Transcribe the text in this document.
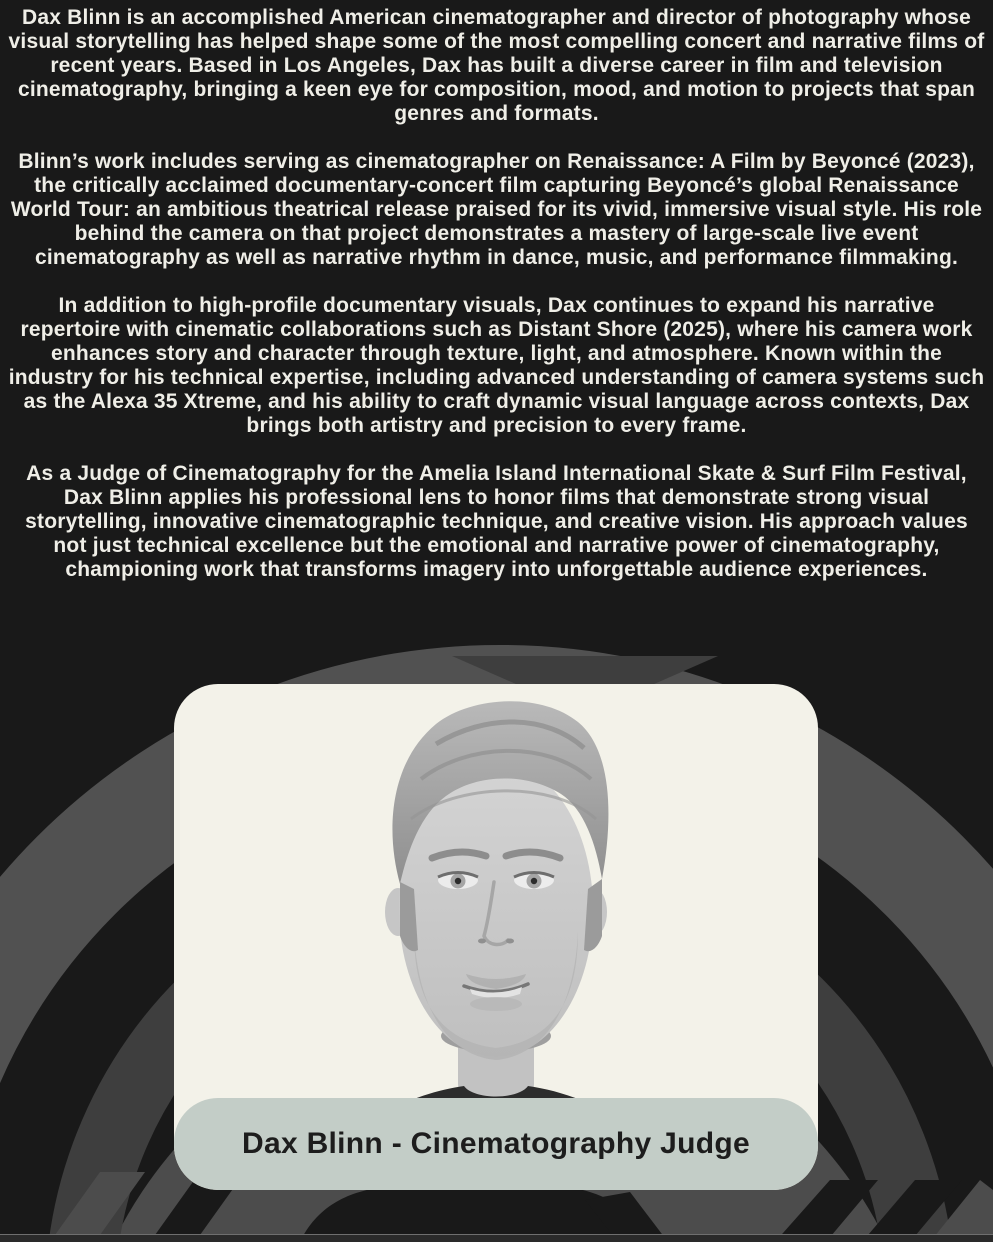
Dax Blinn is an accomplished American cinematographer and director of photography whose visual storytelling has helped shape some of the most compelling concert and narrative films of recent years. Based in Los Angeles, Dax has built a diverse career in film and television cinematography, bringing a keen eye for composition, mood, and motion to projects that span genres and formats.

Blinn’s work includes serving as cinematographer on Renaissance: A Film by Beyoncé (2023), the critically acclaimed documentary-concert film capturing Beyoncé’s global Renaissance World Tour: an ambitious theatrical release praised for its vivid, immersive visual style. His role behind the camera on that project demonstrates a mastery of large-scale live event cinematography as well as narrative rhythm in dance, music, and performance filmmaking.

In addition to high-profile documentary visuals, Dax continues to expand his narrative repertoire with cinematic collaborations such as Distant Shore (2025), where his camera work enhances story and character through texture, light, and atmosphere. Known within the industry for his technical expertise, including advanced understanding of camera systems such as the Alexa 35 Xtreme, and his ability to craft dynamic visual language across contexts, Dax brings both artistry and precision to every frame.

As a Judge of Cinematography for the Amelia Island International Skate & Surf Film Festival, Dax Blinn applies his professional lens to honor films that demonstrate strong visual storytelling, innovative cinematographic technique, and creative vision. His approach values not just technical excellence but the emotional and narrative power of cinematography, championing work that transforms imagery into unforgettable audience experiences.

Dax Blinn - Cinematography Judge
